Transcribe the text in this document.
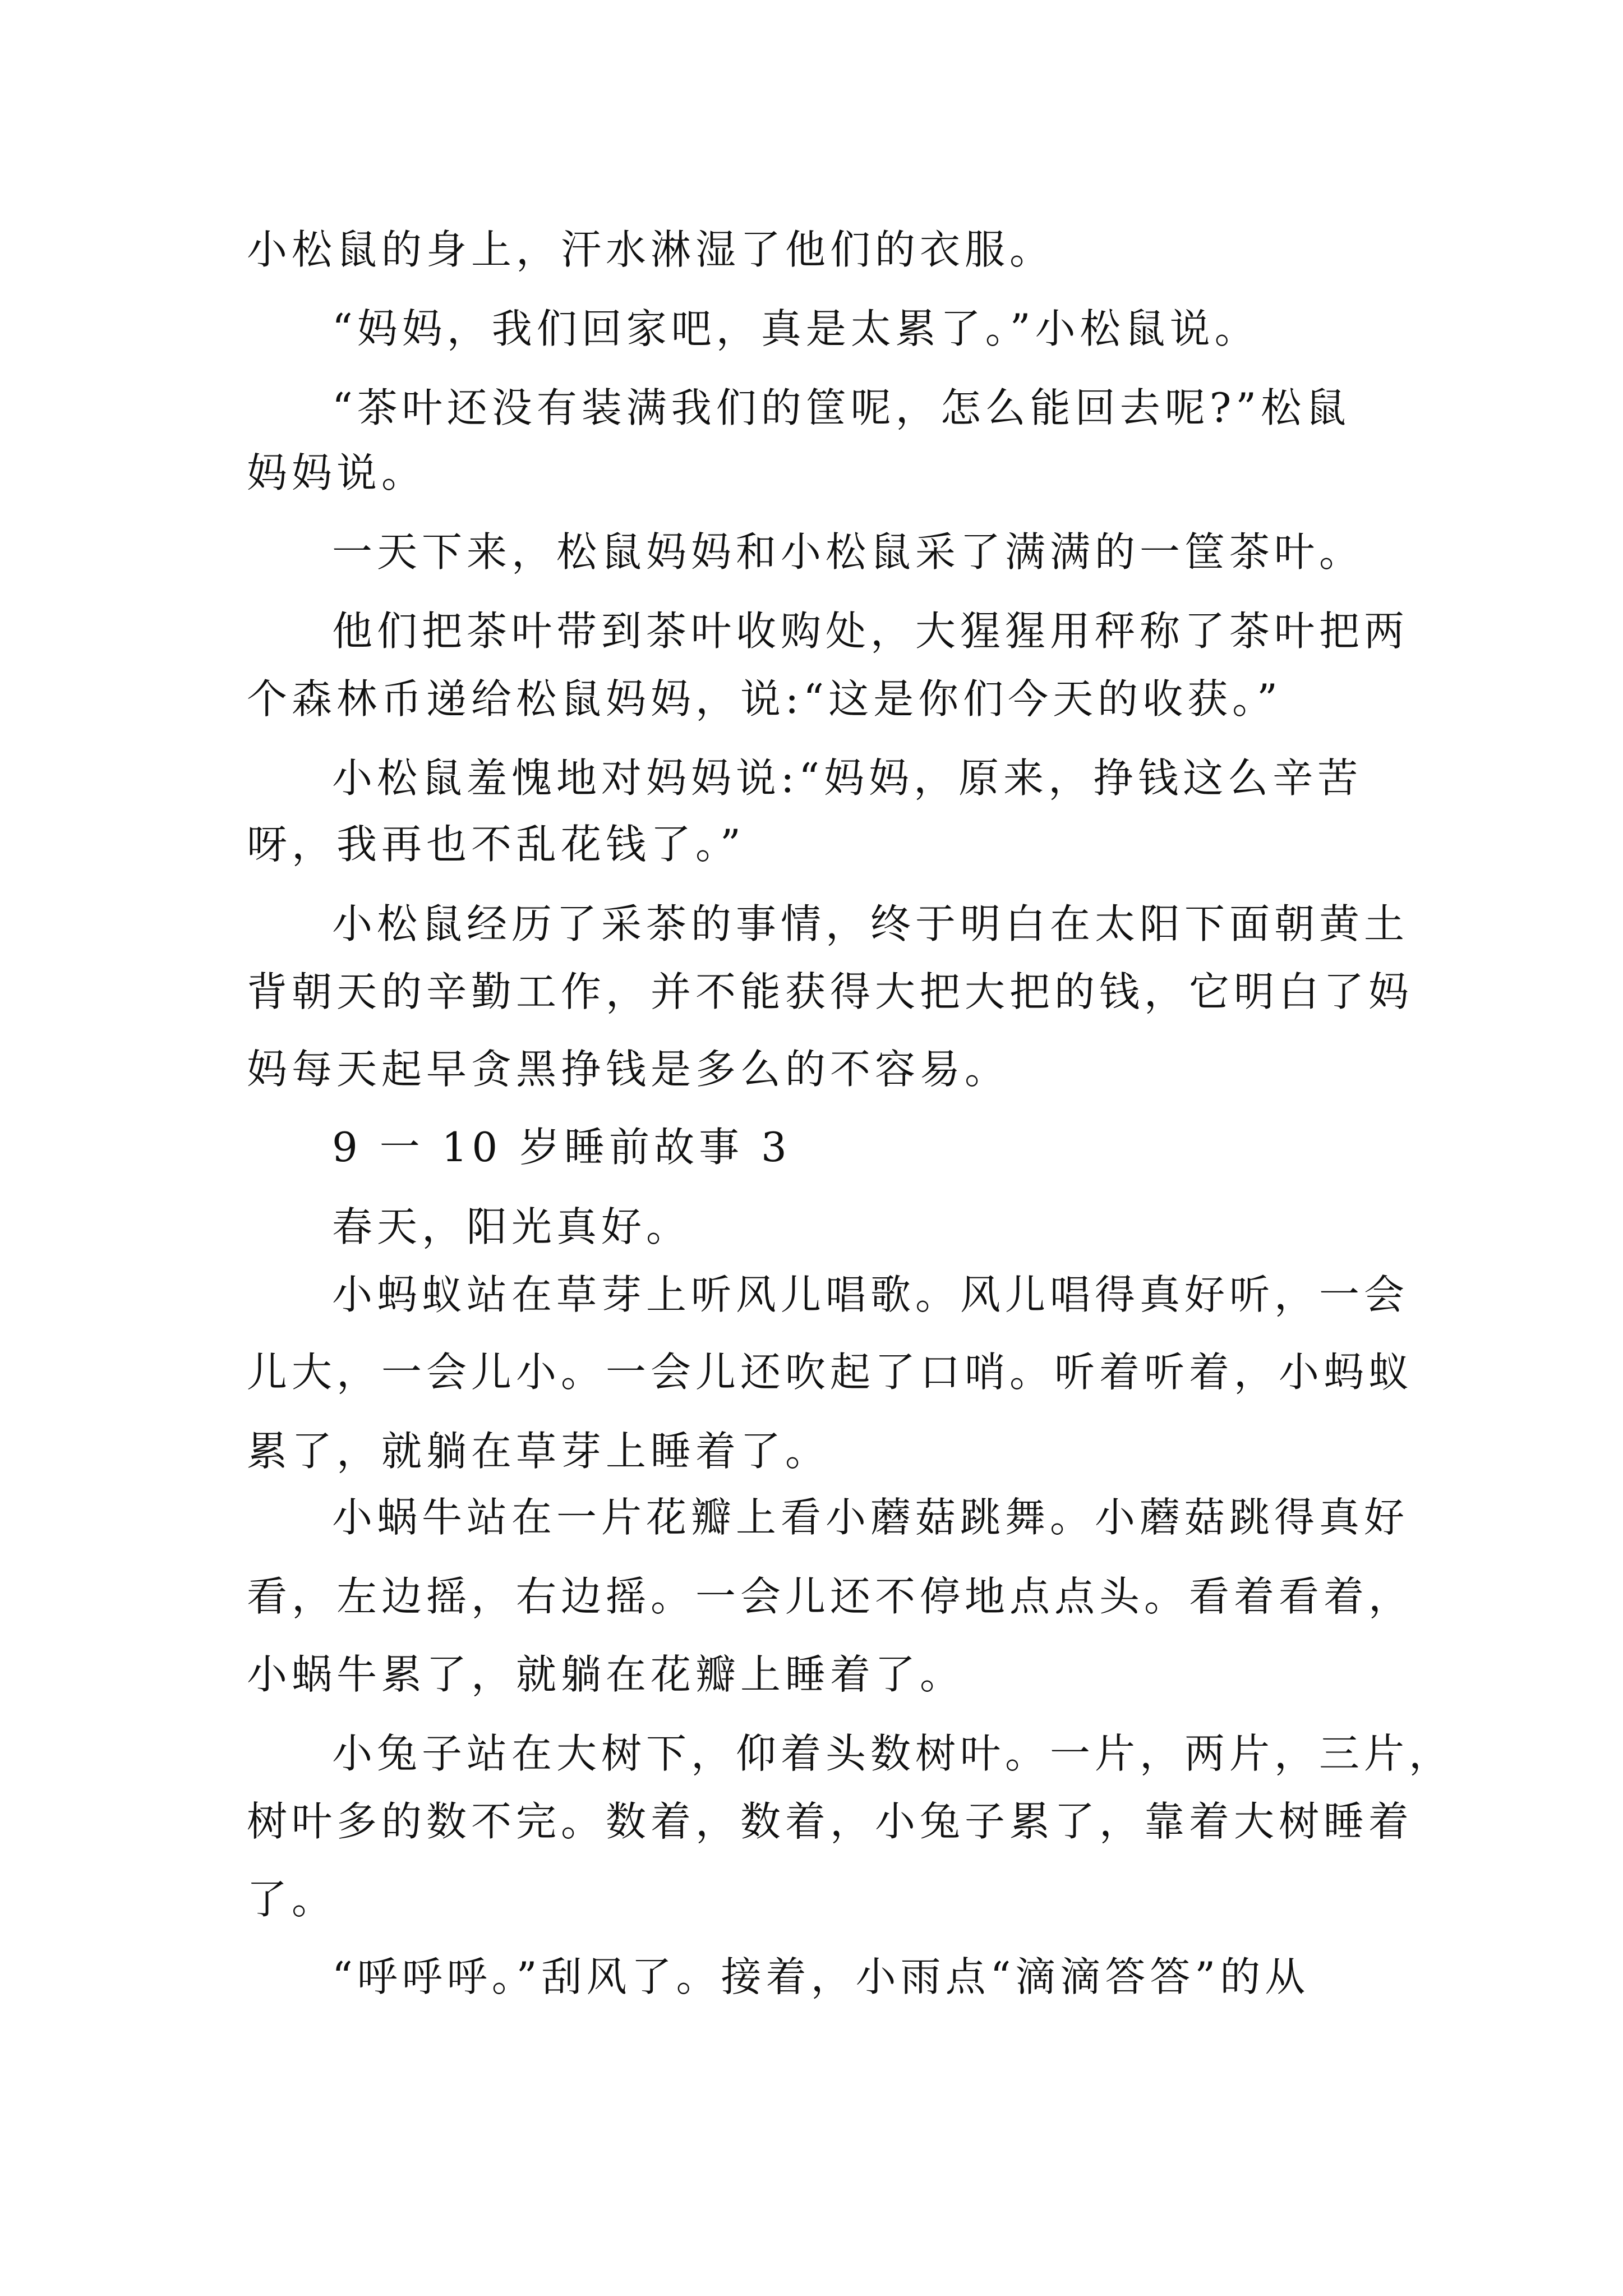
小松鼠的身上，汗水淋湿了他们的衣服。
“妈妈，我们回家吧，真是太累了。”小松鼠说。
“茶叶还没有装满我们的筐呢，怎么能回去呢?”松鼠
妈妈说。
一天下来，松鼠妈妈和小松鼠采了满满的一筐茶叶。
他们把茶叶带到茶叶收购处，大猩猩用秤称了茶叶把两
个森林币递给松鼠妈妈，说:“这是你们今天的收获。”
小松鼠羞愧地对妈妈说:“妈妈，原来，挣钱这么辛苦
呀，我再也不乱花钱了。”
小松鼠经历了采茶的事情，终于明白在太阳下面朝黄土
背朝天的辛勤工作，并不能获得大把大把的钱，它明白了妈
妈每天起早贪黑挣钱是多么的不容易。
9 一 10 岁睡前故事 3
春天，阳光真好。
小蚂蚁站在草芽上听风儿唱歌。风儿唱得真好听，一会
儿大，一会儿小。一会儿还吹起了口哨。听着听着，小蚂蚁
累了，就躺在草芽上睡着了。
小蜗牛站在一片花瓣上看小蘑菇跳舞。小蘑菇跳得真好
看，左边摇，右边摇。一会儿还不停地点点头。看着看着，
小蜗牛累了，就躺在花瓣上睡着了。
小兔子站在大树下，仰着头数树叶。一片，两片，三片，
树叶多的数不完。数着，数着，小兔子累了，靠着大树睡着
了。
“呼呼呼。”刮风了。接着，小雨点“滴滴答答”的从
